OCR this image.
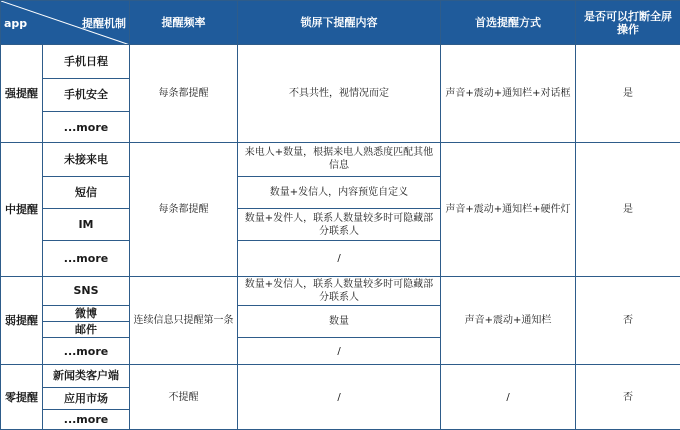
app 提醒机制		提醒频率	锁屏下提醒内容	首选提醒方式	是否可以打断全屏操作
强提醒	手机日程	每条都提醒	不具共性，视情况而定	声音+震动+通知栏+对话框	是
	手机安全				
	...more				
中提醒	未接来电	每条都提醒	来电人+数量，根据来电人熟悉度匹配其他信息	声音+震动+通知栏+硬件灯	是
	短信		数量+发信人，内容预览自定义		
	IM		数量+发件人，联系人数量较多时可隐藏部分联系人		
	...more		/		
弱提醒	SNS	连续信息只提醒第一条	数量+发信人，联系人数量较多时可隐藏部分联系人	声音+震动+通知栏	否
	微博		数量		
	邮件				
	...more		/		
零提醒	新闻类客户端	不提醒	/	/	否
	应用市场				
	...more				
